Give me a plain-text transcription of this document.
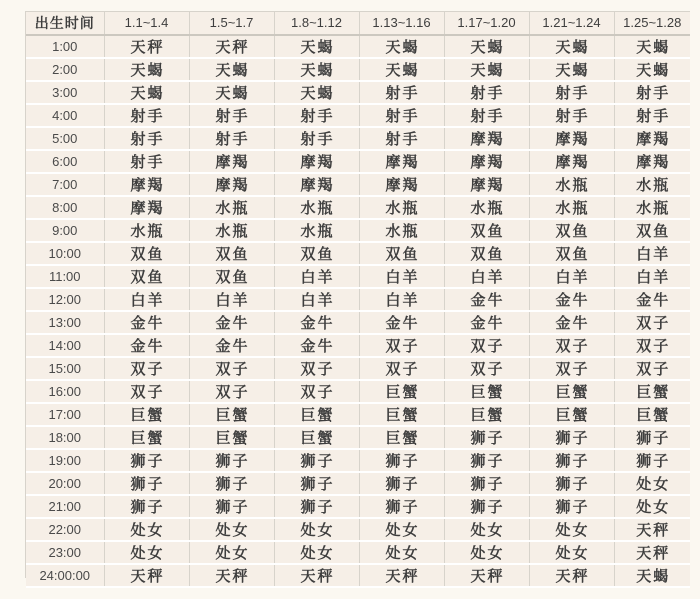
出生时间	1.1~1.4	1.5~1.7	1.8~1.12	1.13~1.16	1.17~1.20	1.21~1.24	1.25~1.28
1:00	天秤	天秤	天蝎	天蝎	天蝎	天蝎	天蝎
2:00	天蝎	天蝎	天蝎	天蝎	天蝎	天蝎	天蝎
3:00	天蝎	天蝎	天蝎	射手	射手	射手	射手
4:00	射手	射手	射手	射手	射手	射手	射手
5:00	射手	射手	射手	射手	摩羯	摩羯	摩羯
6:00	射手	摩羯	摩羯	摩羯	摩羯	摩羯	摩羯
7:00	摩羯	摩羯	摩羯	摩羯	摩羯	水瓶	水瓶
8:00	摩羯	水瓶	水瓶	水瓶	水瓶	水瓶	水瓶
9:00	水瓶	水瓶	水瓶	水瓶	双鱼	双鱼	双鱼
10:00	双鱼	双鱼	双鱼	双鱼	双鱼	双鱼	白羊
11:00	双鱼	双鱼	白羊	白羊	白羊	白羊	白羊
12:00	白羊	白羊	白羊	白羊	金牛	金牛	金牛
13:00	金牛	金牛	金牛	金牛	金牛	金牛	双子
14:00	金牛	金牛	金牛	双子	双子	双子	双子
15:00	双子	双子	双子	双子	双子	双子	双子
16:00	双子	双子	双子	巨蟹	巨蟹	巨蟹	巨蟹
17:00	巨蟹	巨蟹	巨蟹	巨蟹	巨蟹	巨蟹	巨蟹
18:00	巨蟹	巨蟹	巨蟹	巨蟹	狮子	狮子	狮子
19:00	狮子	狮子	狮子	狮子	狮子	狮子	狮子
20:00	狮子	狮子	狮子	狮子	狮子	狮子	处女
21:00	狮子	狮子	狮子	狮子	狮子	狮子	处女
22:00	处女	处女	处女	处女	处女	处女	天秤
23:00	处女	处女	处女	处女	处女	处女	天秤
24:00:00	天秤	天秤	天秤	天秤	天秤	天秤	天蝎
